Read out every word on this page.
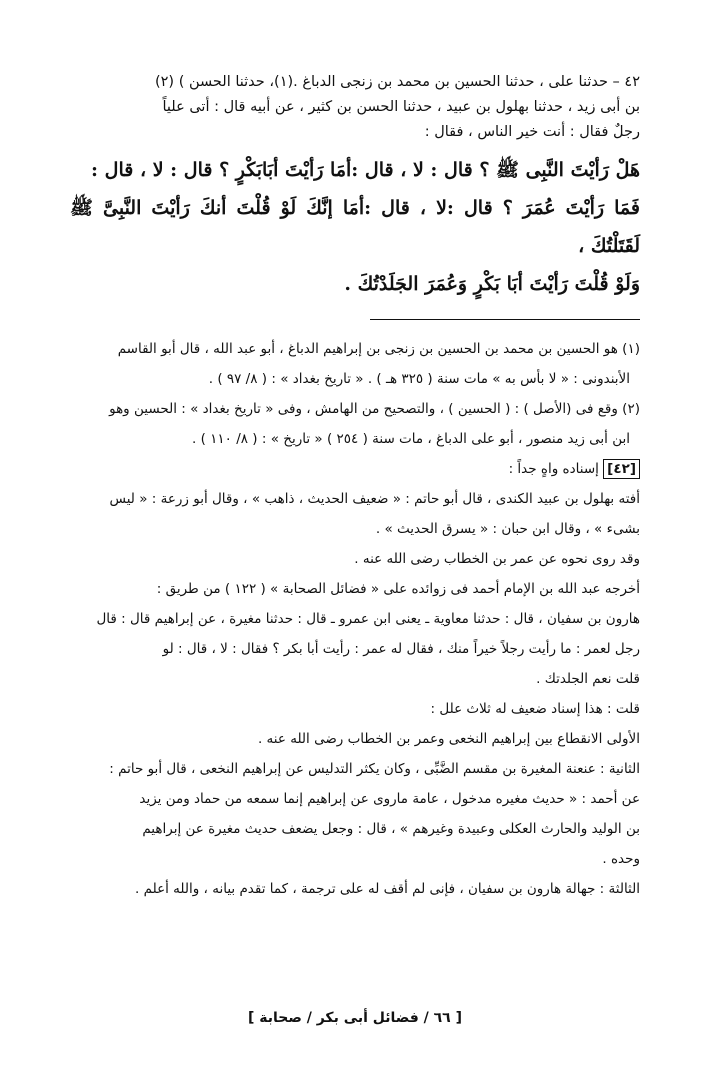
٤٢ – حدثنا على ، حدثنا الحسين بن محمد بن زنجى الدباغ .(١)، حدثنا الحسن ) (٢)

بن أبى زيد ، حدثنا بهلول بن عبيد ، حدثنا الحسن بن كثير ، عن أبيه قال : أتى علياً

رجلٌ فقال : أنت خير الناس ، فقال :

هَلْ رَأيْتَ النَّبِى ﷺ ؟ قال : لا ، قال :أمَا رَأيْتَ أبَابَكْرٍ ؟ قال : لا ، قال :

فَمَا رَأيْتَ عُمَرَ ؟ قال :لا ، قال :أمَا إنَّكَ لَوْ قُلْتَ أنكَ رَأيْتَ النَّبِىَّ ﷺ لَقَتَلْتُكَ ،

وَلَوْ قُلْتَ رَأيْتَ أبَا بَكْرٍ وَعُمَرَ الجَلَدْتُكَ .

(١) هو الحسين بن محمد بن الحسين بن زنجى بن إبراهيم الدباغ ، أبو عبد الله ، قال أبو القاسم

الأبندونى : « لا بأس به » مات سنة ( ٣٢٥ هـ ) . « تاريخ بغداد » : ( ٨/ ٩٧ ) .

(٢) وقع فى (الأصل ) : ( الحسين ) ، والتصحيح من الهامش ، وفى « تاريخ بغداد » : الحسين وهو

ابن أبى زيد منصور ، أبو على الدباغ ، مات سنة ( ٢٥٤ ) « تاريخ » : ( ٨/ ١١٠ ) .

[٤٢] إسناده واهٍ جداً :

أفته بهلول بن عبيد الكندى ، قال أبو حاتم : « ضعيف الحديث ، ذاهب » ، وقال أبو زرعة : « ليس

بشىء » ، وقال ابن حبان : « يسرق الحديث » .

وقد روى نحوه عن عمر بن الخطاب رضى الله عنه .

أخرجه عبد الله بن الإمام أحمد فى زوائده على « فضائل الصحابة » ( ١٢٢ ) من طريق :

هارون بن سفيان ، قال : حدثنا معاوية ـ يعنى ابن عمرو ـ قال : حدثنا مغيرة ، عن إبراهيم قال : قال

رجل لعمر : ما رأيت رجلاً خيراً منك ، فقال له عمر : رأيت أبا بكر ؟ فقال : لا ، قال : لو

قلت نعم الجلدتك .

قلت : هذا إسناد ضعيف له ثلاث علل :

الأولى الانقطاع بين إبراهيم النخعى وعمر بن الخطاب رضى الله عنه .

الثانية : عنعنة المغيرة بن مقسم الضَّبِّى ، وكان يكثر التدليس عن إبراهيم النخعى ، قال أبو حاتم :

عن أحمد : « حديث مغيره مدخول ، عامة ماروى عن إبراهيم إنما سمعه من حماد ومن يزيد

بن الوليد والحارث العكلى وعبيدة وغيرهم » ، قال : وجعل يضعف حديث مغيرة عن إبراهيم

وحده .

الثالثة : جهالة هارون بن سفيان ، فإنى لم أقف له على ترجمة ، كما تقدم بيانه ، والله أعلم .

[ ٦٦ / فضائل أبى بكر / صحابة ]
